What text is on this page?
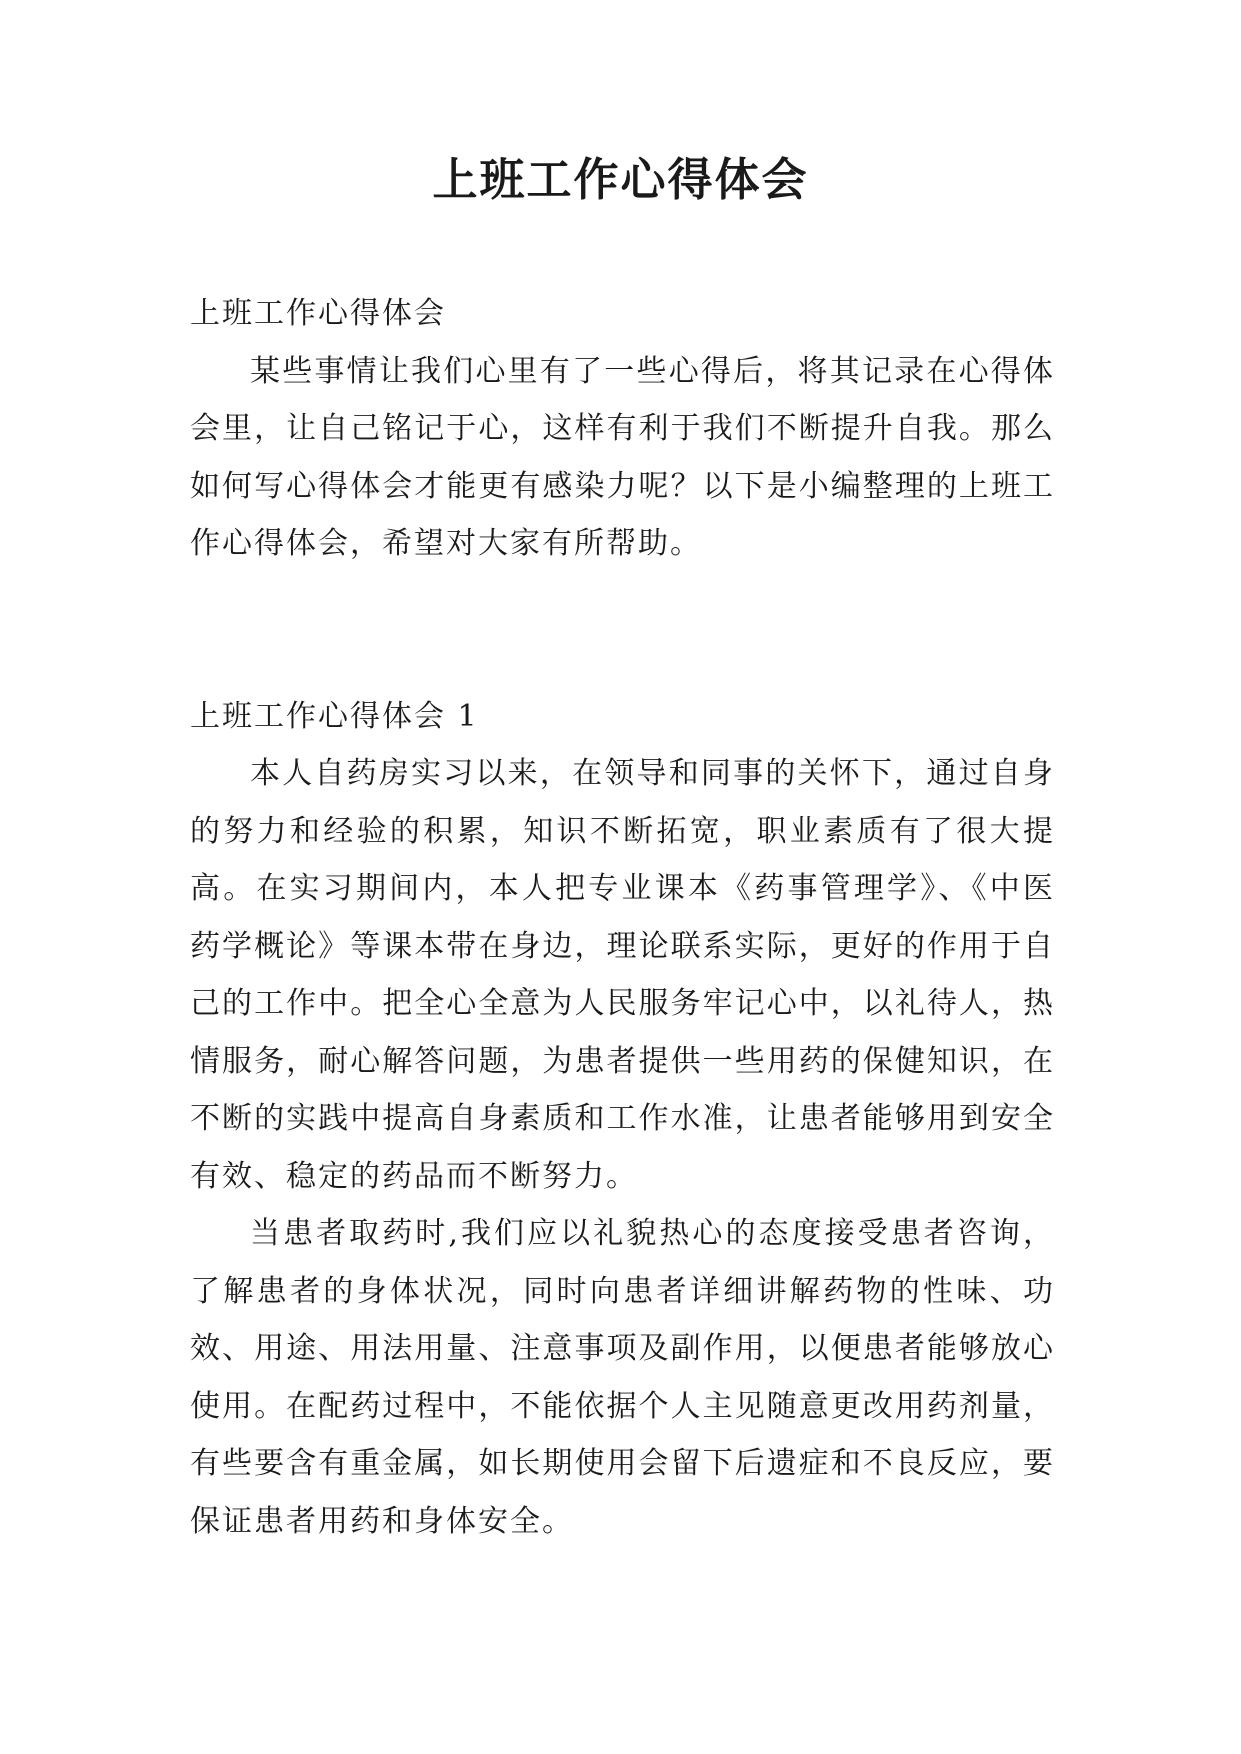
上班工作心得体会

上班工作心得体会

某些事情让我们心里有了一些心得后，将其记录在心得体会里，让自己铭记于心，这样有利于我们不断提升自我。那么如何写心得体会才能更有感染力呢？以下是小编整理的上班工作心得体会，希望对大家有所帮助。

上班工作心得体会 1

本人自药房实习以来，在领导和同事的关怀下，通过自身的努力和经验的积累，知识不断拓宽，职业素质有了很大提高。在实习期间内，本人把专业课本《药事管理学》、《中医药学概论》等课本带在身边，理论联系实际，更好的作用于自己的工作中。把全心全意为人民服务牢记心中，以礼待人，热情服务，耐心解答问题，为患者提供一些用药的保健知识，在不断的实践中提高自身素质和工作水准，让患者能够用到安全有效、稳定的药品而不断努力。

当患者取药时,我们应以礼貌热心的态度接受患者咨询，了解患者的身体状况，同时向患者详细讲解药物的性味、功效、用途、用法用量、注意事项及副作用，以便患者能够放心使用。在配药过程中，不能依据个人主见随意更改用药剂量，有些要含有重金属，如长期使用会留下后遗症和不良反应，要保证患者用药和身体安全。
